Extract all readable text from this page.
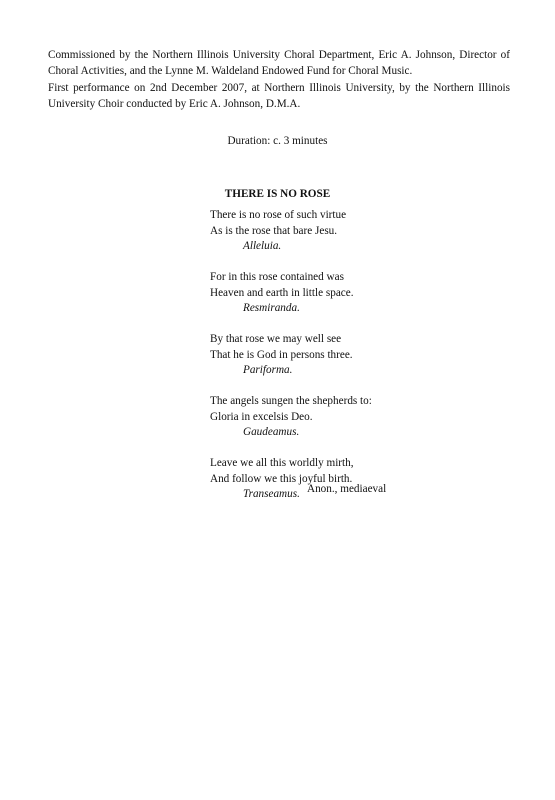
Commissioned by the Northern Illinois University Choral Department, Eric A. Johnson, Director of
Choral Activities, and the Lynne M. Waldeland Endowed Fund for Choral Music.
First performance on 2nd December 2007, at Northern Illinois University, by the Northern Illinois
University Choir conducted by Eric A. Johnson, D.M.A.
Duration: c. 3 minutes
THERE IS NO ROSE
There is no rose of such virtue
As is the rose that bare Jesu.
Alleluia.
For in this rose contained was
Heaven and earth in little space.
Resmiranda.
By that rose we may well see
That he is God in persons three.
Pariforma.
The angels sungen the shepherds to:
Gloria in excelsis Deo.
Gaudeamus.
Leave we all this worldly mirth,
And follow we this joyful birth.
Transeamus. Anon., mediaeval
